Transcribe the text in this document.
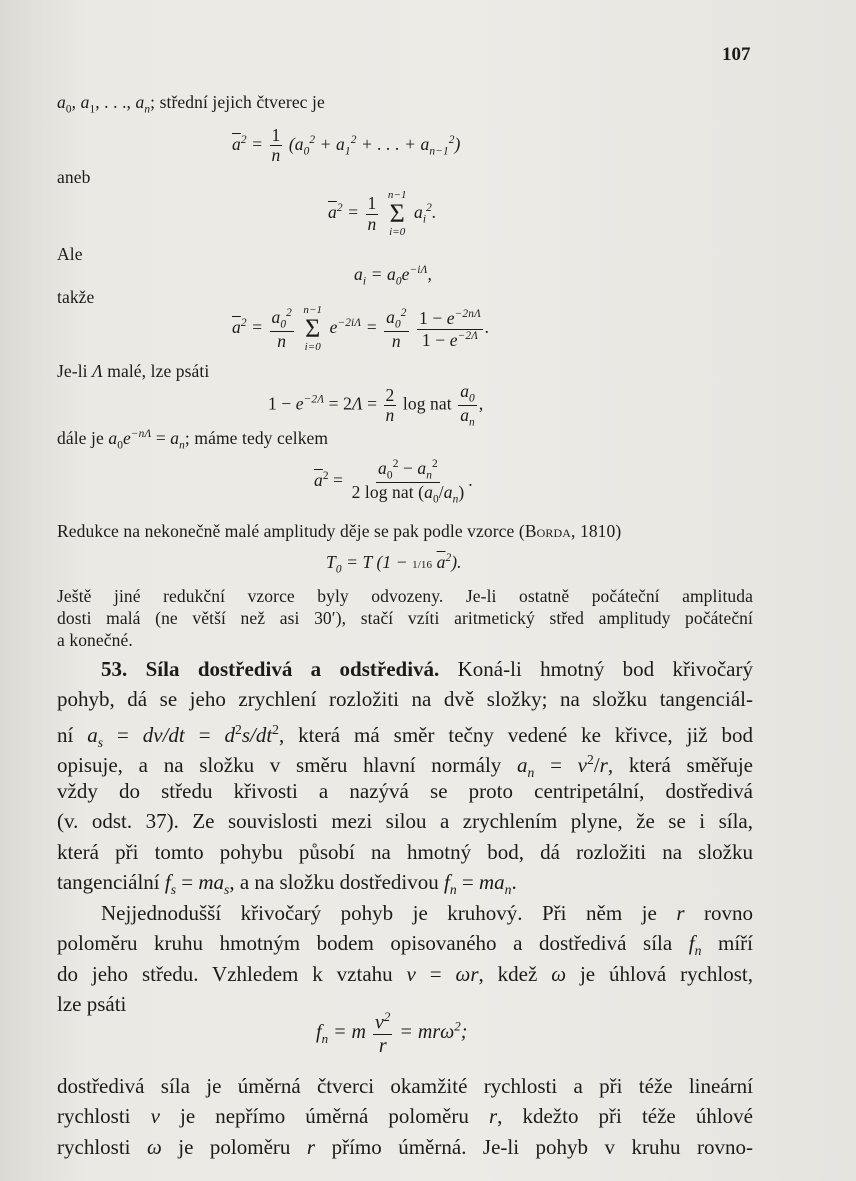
107
$a_0$, $a_1$, . . ., $a_n$; střední jejich čtverec je
$\overline{a}^2 = \frac{1}{n} (a_0^2 + a_1^2$ + . . . + $a_{n-1}^2$)
aneb
$\overline{a}^2 = \frac{1}{n}$
n−1
Σ
i=0
$a_i^2$.
Ale
$a_i = a_0e^{-i\Lambda}$,
takže
$\overline{a}^2 = \frac{a_0^2}{n}$
n−1
Σ
i=0
$e^{-2i\Lambda} = \frac{a_0^2}{n}$
$\frac{1 - e^{-2n\Lambda}}{1 - e^{-2\Lambda}}$ .
Je-li Λ malé, lze psáti
$1 - e^{-2\Lambda} = 2\Lambda = \frac{2}{n}$ log nat $\frac{a_0}{a_n}$ ,
dále je $a_0e^{-n\Lambda} = a_n$; máme tedy celkem
$\overline{a}^2$ =
$a_0^2 - a_n^2$
2 log nat $(a_0/a_n)$
.
Redukce na nekonečně malé amplitudy děje se pak podle vzorce (Borda, 1810)
$T_0 = T$ (1 − 1/16 $\overline{a}^2$).
Ještě jiné redukční vzorce byly odvozeny. Je-li ostatně počáteční amplituda
dosti malá (ne větší než asi 30′), stačí vzíti aritmetický střed amplitudy počáteční
a konečné.
53. Síla dostředivá a odstředivá. Koná-li hmotný bod křivočarý
pohyb, dá se jeho zrychlení rozložiti na dvě složky; na složku tangenciál-
ní $a_s = dv/dt = d^2s/dt^2$, která má směr tečny vedené ke křivce, již bod
opisuje, a na složku v směru hlavní normály $a_n = v^2/r$, která směřuje
vždy do středu křivosti a nazývá se proto centripetální, dostředivá
(v. odst. 37). Ze souvislosti mezi silou a zrychlením plyne, že se i síla,
která při tomto pohybu působí na hmotný bod, dá rozložiti na složku
tangenciální $f_s = ma_s$, a na složku dostředivou $f_n = ma_n$.
Nejjednodušší křivočarý pohyb je kruhový. Při něm je r rovno
poloměru kruhu hmotným bodem opisovaného a dostředivá síla $f_n$ míří
do jeho středu. Vzhledem k vztahu v = ωr, kdež ω je úhlová rychlost,
lze psáti
$f_n = m \frac{v^2}{r} = mr\omega^2$;
dostředivá síla je úměrná čtverci okamžité rychlosti a při téže lineární
rychlosti v je nepřímo úměrná poloměru r, kdežto při téže úhlové
rychlosti ω je poloměru r přímo úměrná. Je-li pohyb v kruhu rovno-
